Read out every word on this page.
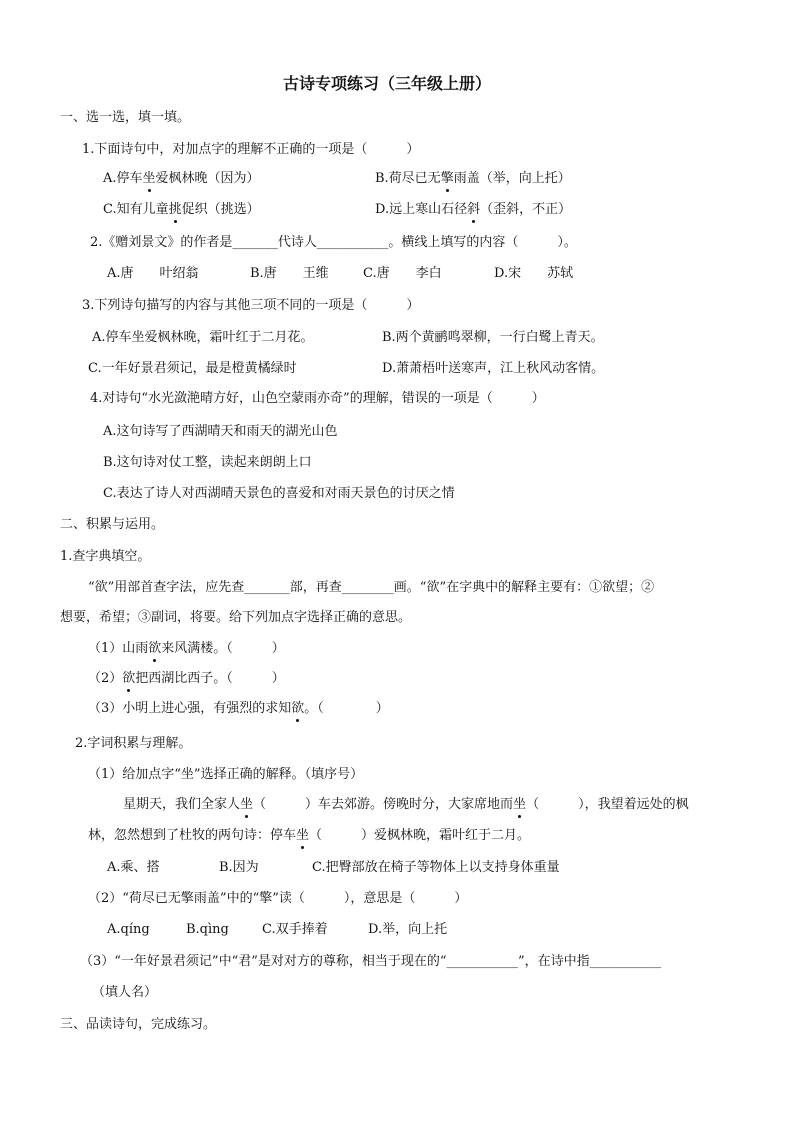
古诗专项练习（三年级上册）
一、选一选，填一填。
1.下面诗句中，对加点字的理解不正确的一项是（　　　）
A.停车坐爱枫林晚（因为）	B.荷尽已无擎雨盖（举，向上托）
C.知有儿童挑促织（挑选）	D.远上寒山石径斜（歪斜，不正）
2.《赠刘景文》的作者是_______代诗人___________。横线上填写的内容（　　　）。
A.唐　　叶绍翁	B.唐　　王维	C.唐　　李白	D.宋　　苏轼
3.下列诗句描写的内容与其他三项不同的一项是（　　　）
A.停车坐爱枫林晚，霜叶红于二月花。	B.两个黄鹂鸣翠柳，一行白鹭上青天。
C.一年好景君须记，最是橙黄橘绿时	D.萧萧梧叶送寒声，江上秋风动客情。
4.对诗句“水光潋滟晴方好，山色空蒙雨亦奇”的理解，错误的一项是（　　　）
A.这句诗写了西湖晴天和雨天的湖光山色
B.这句诗对仗工整，读起来朗朗上口
C.表达了诗人对西湖晴天景色的喜爱和对雨天景色的讨厌之情
二、积累与运用。
1.查字典填空。
“欲”用部首查字法，应先查_______部，再查________画。“欲”在字典中的解释主要有：①欲望；②
想要，希望；③副词，将要。给下列加点字选择正确的意思。
（1）山雨欲来风满楼。（　　　）
（2）欲把西湖比西子。（　　　）
（3）小明上进心强，有强烈的求知欲。（　　　　）
2.字词积累与理解。
（1）给加点字“坐”选择正确的解释。（填序号）
星期天，我们全家人坐（　　　）车去郊游。傍晚时分，大家席地而坐（　　　），我望着远处的枫
林，忽然想到了杜牧的两句诗：停车坐（　　　）爱枫林晚，霜叶红于二月。
A.乘、搭	B.因为	C.把臀部放在椅子等物体上以支持身体重量
（2）“荷尽已无擎雨盖”中的“擎”读（　　　），意思是（　　　）
A.qíng	B.qìng	C.双手捧着	D.举，向上托
（3）“一年好景君须记”中“君”是对对方的尊称，相当于现在的“___________”，在诗中指___________
（填人名）
三、品读诗句，完成练习。
